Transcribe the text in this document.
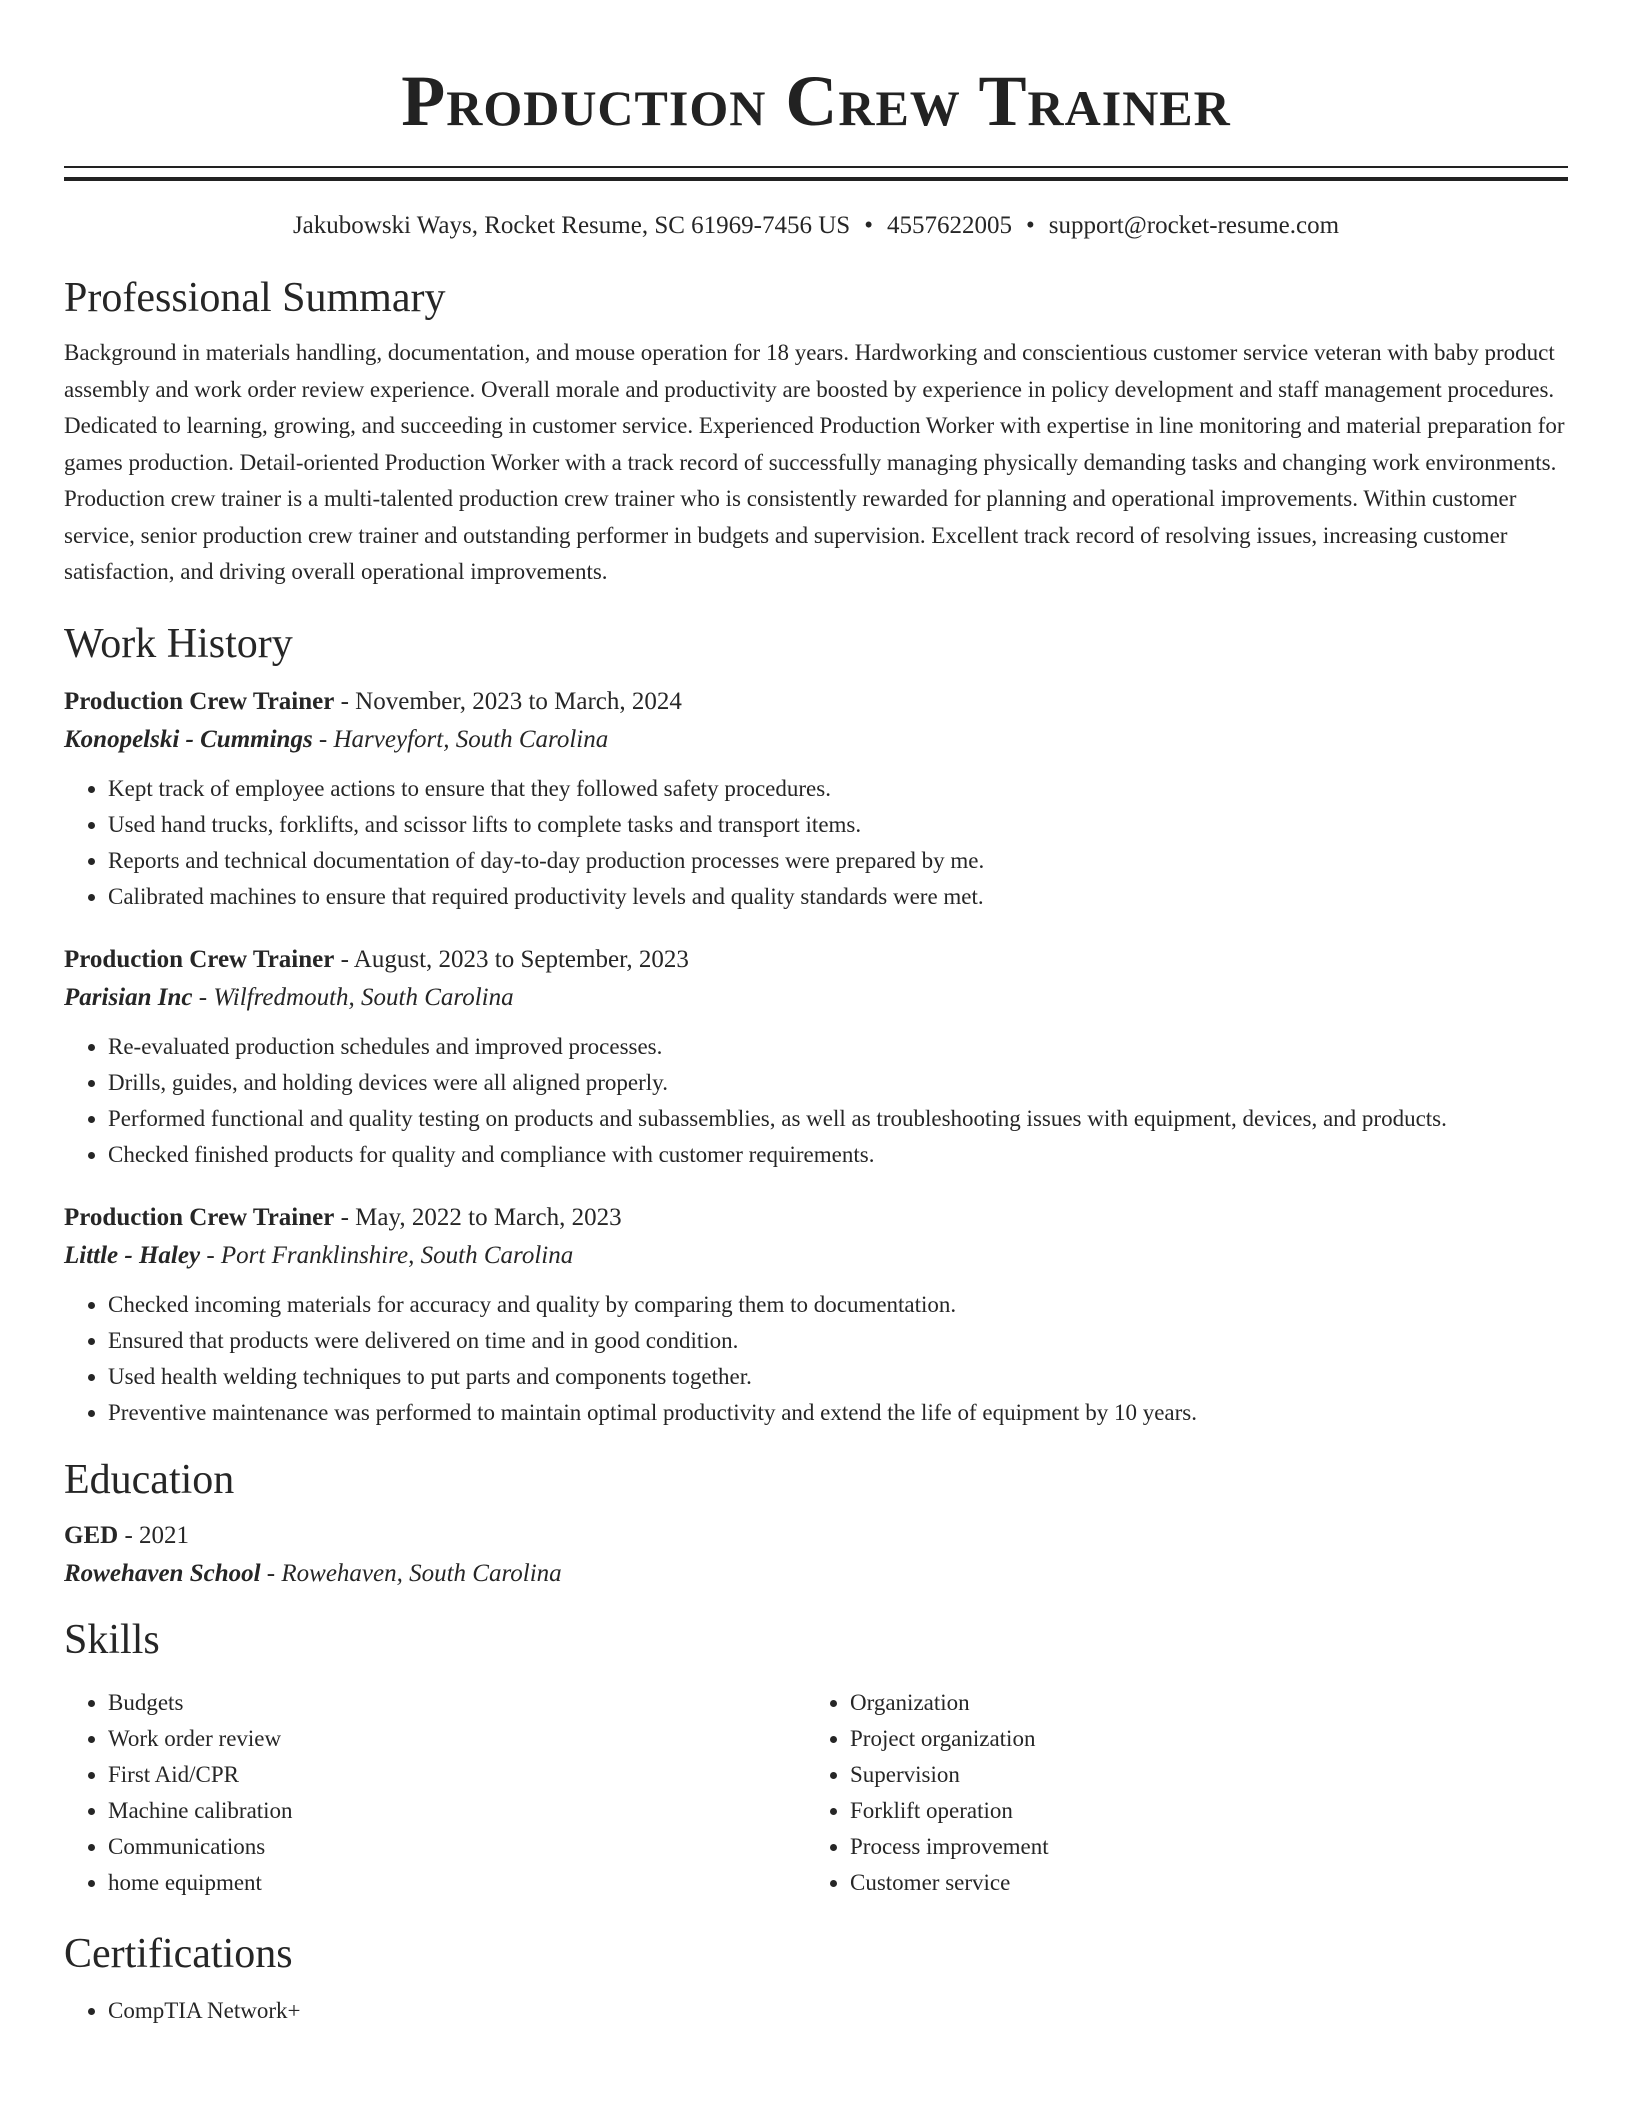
Production Crew Trainer
Jakubowski Ways, Rocket Resume, SC 61969-7456 US • 4557622005 • support@rocket-resume.com
Professional Summary

Background in materials handling, documentation, and mouse operation for 18 years. Hardworking and conscientious customer service veteran with baby product assembly and work order review experience. Overall morale and productivity are boosted by experience in policy development and staff management procedures. Dedicated to learning, growing, and succeeding in customer service. Experienced Production Worker with expertise in line monitoring and material preparation for games production. Detail-oriented Production Worker with a track record of successfully managing physically demanding tasks and changing work environments. Production crew trainer is a multi-talented production crew trainer who is consistently rewarded for planning and operational improvements. Within customer service, senior production crew trainer and outstanding performer in budgets and supervision. Excellent track record of resolving issues, increasing customer satisfaction, and driving overall operational improvements.

Work History
Production Crew Trainer - November, 2023 to March, 2024
Konopelski - Cummings - Harveyfort, South Carolina
• Kept track of employee actions to ensure that they followed safety procedures.
• Used hand trucks, forklifts, and scissor lifts to complete tasks and transport items.
• Reports and technical documentation of day-to-day production processes were prepared by me.
• Calibrated machines to ensure that required productivity levels and quality standards were met.
Production Crew Trainer - August, 2023 to September, 2023
Parisian Inc - Wilfredmouth, South Carolina
• Re-evaluated production schedules and improved processes.
• Drills, guides, and holding devices were all aligned properly.
• Performed functional and quality testing on products and subassemblies, as well as troubleshooting issues with equipment, devices, and products.
• Checked finished products for quality and compliance with customer requirements.
Production Crew Trainer - May, 2022 to March, 2023
Little - Haley - Port Franklinshire, South Carolina
• Checked incoming materials for accuracy and quality by comparing them to documentation.
• Ensured that products were delivered on time and in good condition.
• Used health welding techniques to put parts and components together.
• Preventive maintenance was performed to maintain optimal productivity and extend the life of equipment by 10 years.
Education
GED - 2021
Rowehaven School - Rowehaven, South Carolina
Skills
• Budgets
• Work order review
• First Aid/CPR
• Machine calibration
• Communications
• home equipment
• Organization
• Project organization
• Supervision
• Forklift operation
• Process improvement
• Customer service
Certifications
• CompTIA Network+
